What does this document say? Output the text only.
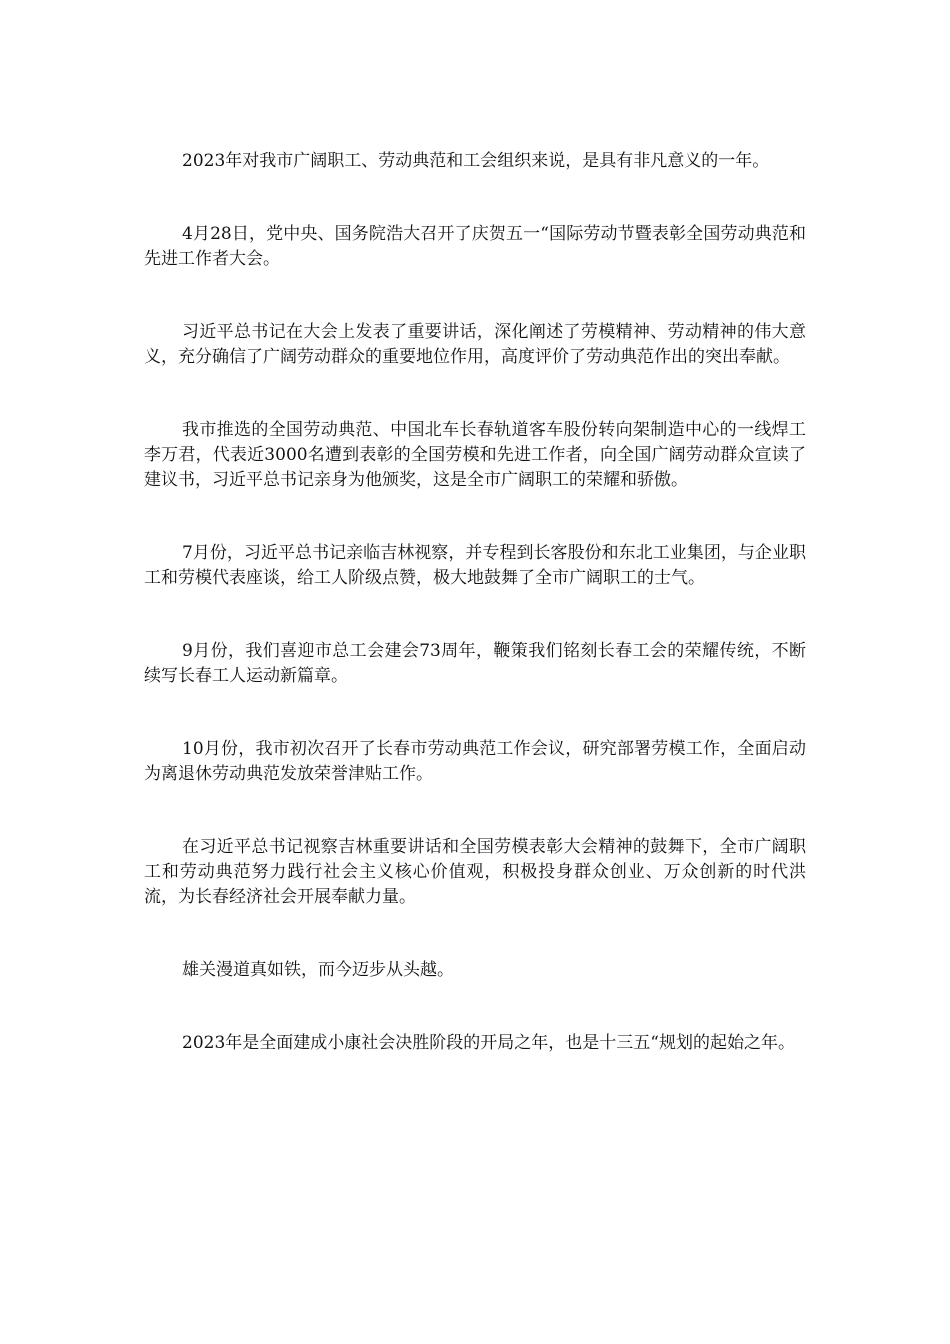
2023年对我市广阔职工、劳动典范和工会组织来说，是具有非凡意义的一年。

4月28日，党中央、国务院浩大召开了庆贺五一“国际劳动节暨表彰全国劳动典范和先进工作者大会。

习近平总书记在大会上发表了重要讲话，深化阐述了劳模精神、劳动精神的伟大意义，充分确信了广阔劳动群众的重要地位作用，高度评价了劳动典范作出的突出奉献。

我市推选的全国劳动典范、中国北车长春轨道客车股份转向架制造中心的一线焊工李万君，代表近3000名遭到表彰的全国劳模和先进工作者，向全国广阔劳动群众宣读了建议书，习近平总书记亲身为他颁奖，这是全市广阔职工的荣耀和骄傲。

7月份，习近平总书记亲临吉林视察，并专程到长客股份和东北工业集团，与企业职工和劳模代表座谈，给工人阶级点赞，极大地鼓舞了全市广阔职工的士气。

9月份，我们喜迎市总工会建会73周年，鞭策我们铭刻长春工会的荣耀传统，不断续写长春工人运动新篇章。

10月份，我市初次召开了长春市劳动典范工作会议，研究部署劳模工作，全面启动为离退休劳动典范发放荣誉津贴工作。

在习近平总书记视察吉林重要讲话和全国劳模表彰大会精神的鼓舞下，全市广阔职工和劳动典范努力践行社会主义核心价值观，积极投身群众创业、万众创新的时代洪流，为长春经济社会开展奉献力量。

雄关漫道真如铁，而今迈步从头越。

2023年是全面建成小康社会决胜阶段的开局之年，也是十三五“规划的起始之年。
